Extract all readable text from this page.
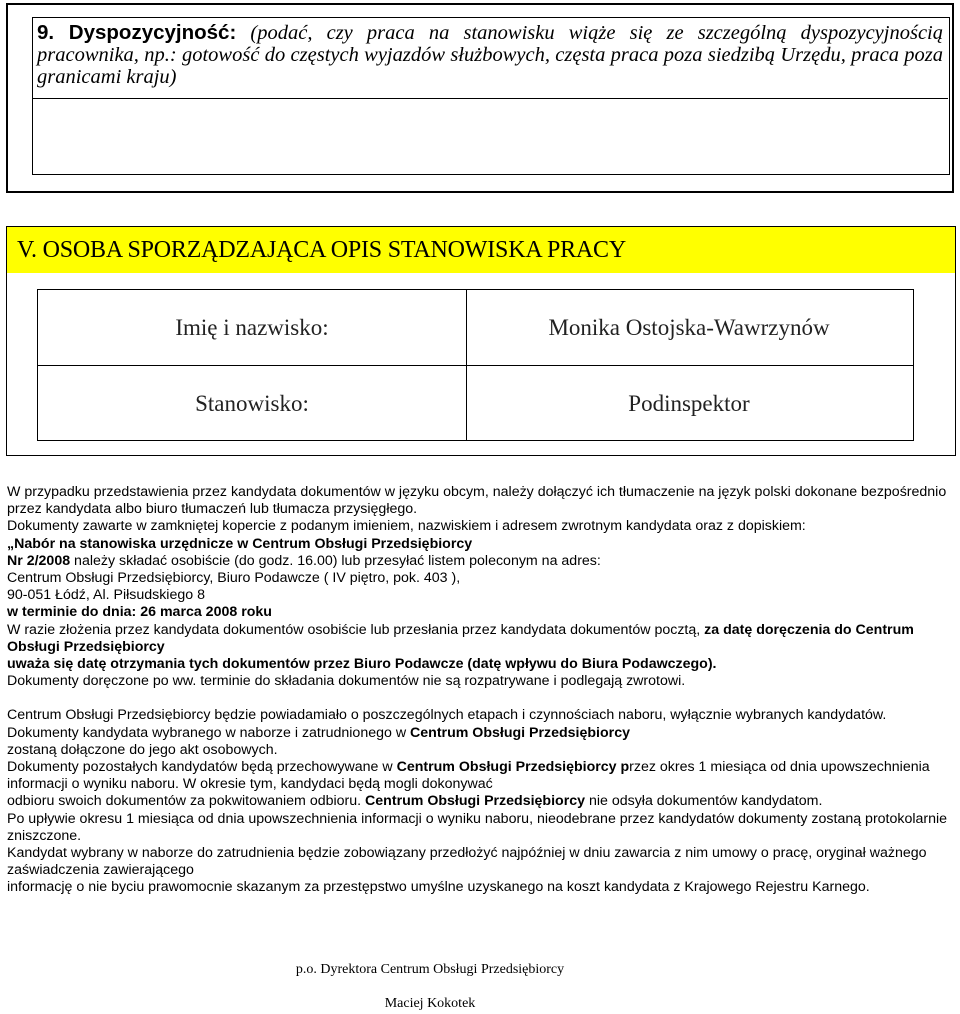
9. Dyspozycyjność: (podać, czy praca na stanowisku wiąże się ze szczególną dyspozycyjnością pracownika, np.: gotowość do częstych wyjazdów służbowych, częsta praca poza siedzibą Urzędu, praca poza granicami kraju)
V. OSOBA SPORZĄDZAJĄCA OPIS STANOWISKA PRACY
Imię i nazwisko:	Monika Ostojska-Wawrzynów
Stanowisko:	Podinspektor

W przypadku przedstawienia przez kandydata dokumentów w języku obcym, należy dołączyć ich tłumaczenie na język polski dokonane bezpośrednio przez kandydata albo biuro tłumaczeń lub tłumacza przysięgłego.

Dokumenty zawarte w zamkniętej kopercie z podanym imieniem, nazwiskiem i adresem zwrotnym kandydata oraz z dopiskiem:

„Nabór na stanowiska urzędnicze w Centrum Obsługi Przedsiębiorcy

Nr 2/2008 należy składać osobiście (do godz. 16.00) lub przesyłać listem poleconym na adres:

Centrum Obsługi Przedsiębiorcy, Biuro Podawcze ( IV piętro, pok. 403 ),

90-051 Łódź, Al. Piłsudskiego 8

w terminie do dnia: 26 marca 2008 roku

W razie złożenia przez kandydata dokumentów osobiście lub przesłania przez kandydata dokumentów pocztą, za datę doręczenia do Centrum Obsługi Przedsiębiorcy

uważa się datę otrzymania tych dokumentów przez Biuro Podawcze (datę wpływu do Biura Podawczego).

Dokumenty doręczone po ww. terminie do składania dokumentów nie są rozpatrywane i podlegają zwrotowi.

Centrum Obsługi Przedsiębiorcy będzie powiadamiało o poszczególnych etapach i czynnościach naboru, wyłącznie wybranych kandydatów.

Dokumenty kandydata wybranego w naborze i zatrudnionego w Centrum Obsługi Przedsiębiorcy

zostaną dołączone do jego akt osobowych.

Dokumenty pozostałych kandydatów będą przechowywane w Centrum Obsługi Przedsiębiorcy przez okres 1 miesiąca od dnia upowszechnienia informacji o wyniku naboru. W okresie tym, kandydaci będą mogli dokonywać

odbioru swoich dokumentów za pokwitowaniem odbioru. Centrum Obsługi Przedsiębiorcy nie odsyła dokumentów kandydatom.

Po upływie okresu 1 miesiąca od dnia upowszechnienia informacji o wyniku naboru, nieodebrane przez kandydatów dokumenty zostaną protokolarnie zniszczone.

Kandydat wybrany w naborze do zatrudnienia będzie zobowiązany przedłożyć najpóźniej w dniu zawarcia z nim umowy o pracę, oryginał ważnego zaświadczenia zawierającego

informację o nie byciu prawomocnie skazanym za przestępstwo umyślne uzyskanego na koszt kandydata z Krajowego Rejestru Karnego.

p.o. Dyrektora Centrum Obsługi Przedsiębiorcy
Maciej Kokotek
